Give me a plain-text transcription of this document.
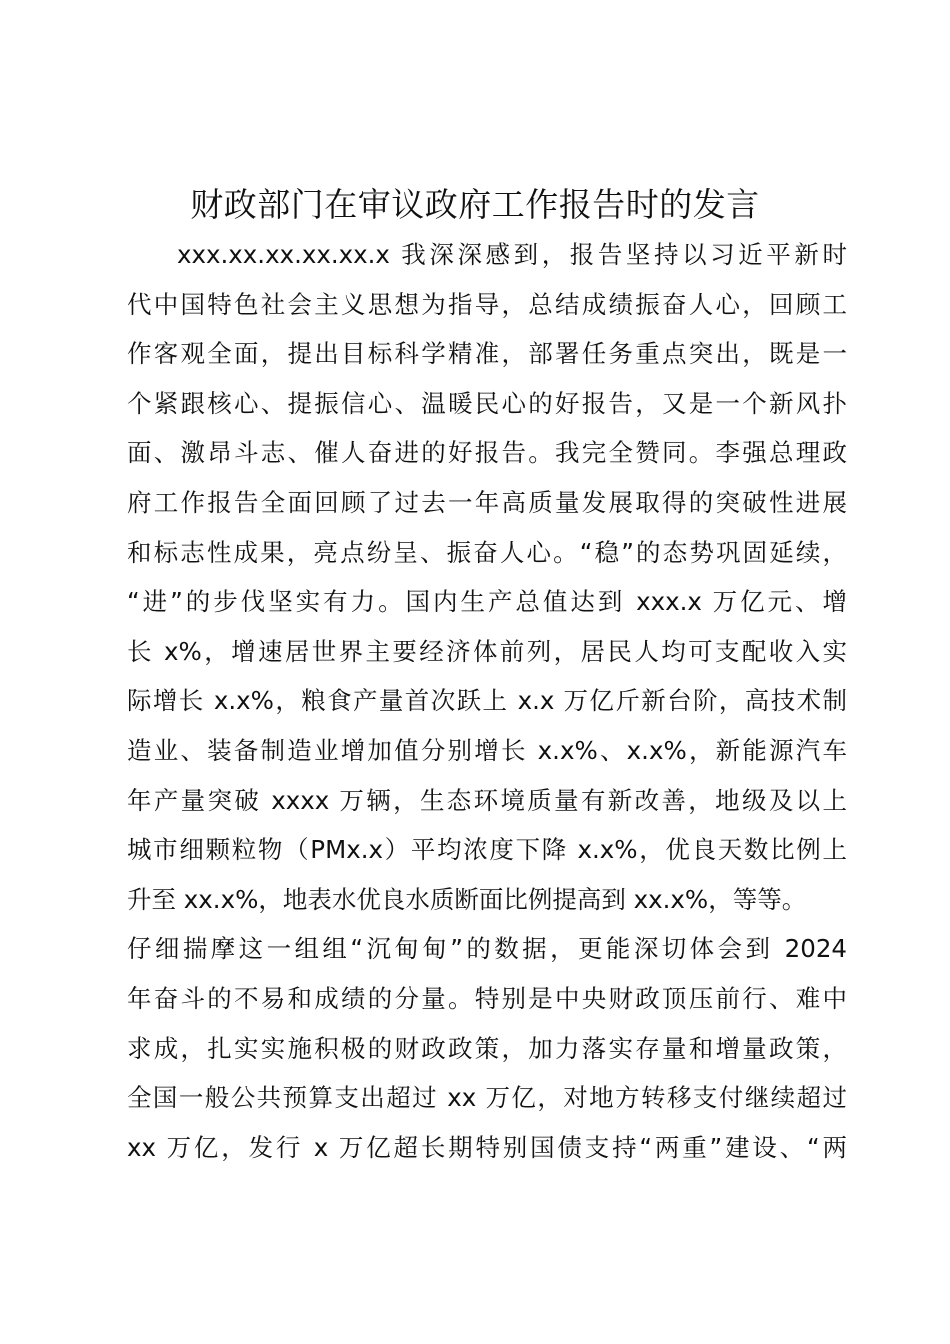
财政部门在审议政府工作报告时的发言
xxx.xx.xx.xx.xx.x 我深深感到，报告坚持以习近平新时
代中国特色社会主义思想为指导，总结成绩振奋人心，回顾工
作客观全面，提出目标科学精准，部署任务重点突出，既是一
个紧跟核心、提振信心、温暖民心的好报告，又是一个新风扑
面、激昂斗志、催人奋进的好报告。我完全赞同。李强总理政
府工作报告全面回顾了过去一年高质量发展取得的突破性进展
和标志性成果，亮点纷呈、振奋人心。“稳”的态势巩固延续，
“进”的步伐坚实有力。国内生产总值达到 xxx.x 万亿元、增
长 x%，增速居世界主要经济体前列，居民人均可支配收入实
际增长 x.x%，粮食产量首次跃上 x.x 万亿斤新台阶，高技术制
造业、装备制造业增加值分别增长 x.x%、x.x%，新能源汽车
年产量突破 xxxx 万辆，生态环境质量有新改善，地级及以上
城市细颗粒物（PMx.x）平均浓度下降 x.x%，优良天数比例上
升至 xx.x%，地表水优良水质断面比例提高到 xx.x%，等等。
仔细揣摩这一组组“沉甸甸”的数据，更能深切体会到 2024
年奋斗的不易和成绩的分量。特别是中央财政顶压前行、难中
求成，扎实实施积极的财政政策，加力落实存量和增量政策，
全国一般公共预算支出超过 xx 万亿，对地方转移支付继续超过
xx 万亿，发行 x 万亿超长期特别国债支持“两重”建设、“两
